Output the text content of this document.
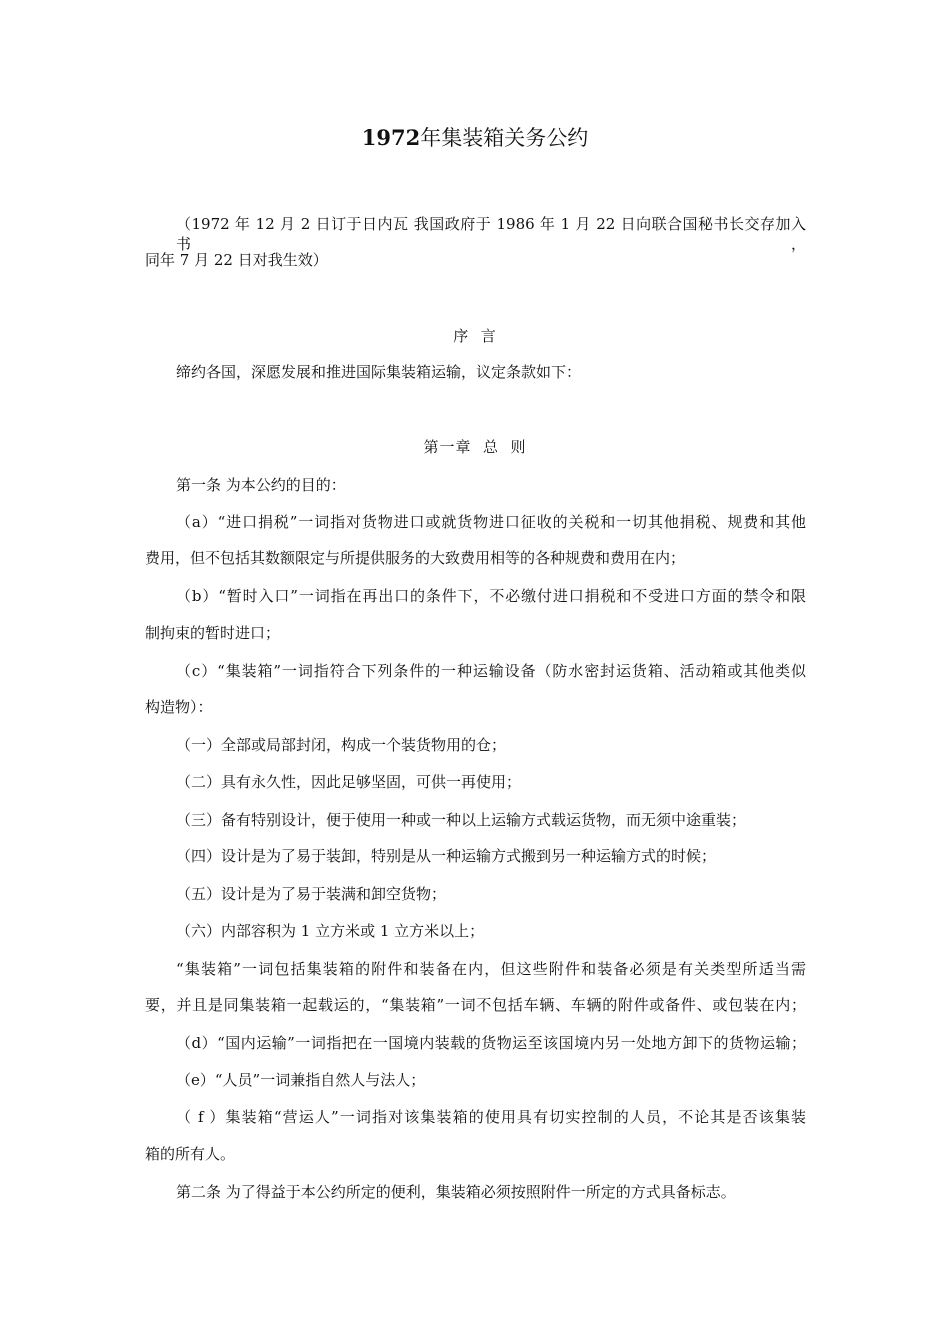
1972年集装箱关务公约
（1972 年 12 月 2 日订于日内瓦 我国政府于 1986 年 1 月 22 日向联合国秘书长交存加入书，
同年 7 月 22 日对我生效）
序  言
缔约各国，深愿发展和推进国际集装箱运输，议定条款如下：
第一章  总  则
第一条 为本公约的目的：
（a）“进口捐税”一词指对货物进口或就货物进口征收的关税和一切其他捐税、规费和其他
费用，但不包括其数额限定与所提供服务的大致费用相等的各种规费和费用在内；
（b）“暂时入口”一词指在再出口的条件下，不必缴付进口捐税和不受进口方面的禁令和限
制拘束的暂时进口；
（c）“集装箱”一词指符合下列条件的一种运输设备（防水密封运货箱、活动箱或其他类似
构造物）：
（一）全部或局部封闭，构成一个装货物用的仓；
（二）具有永久性，因此足够坚固，可供一再使用；
（三）备有特别设计，便于使用一种或一种以上运输方式载运货物，而无须中途重装；
（四）设计是为了易于装卸，特别是从一种运输方式搬到另一种运输方式的时候；
（五）设计是为了易于装满和卸空货物；
（六）内部容积为 1 立方米或 1 立方米以上；
“集装箱”一词包括集装箱的附件和装备在内，但这些附件和装备必须是有关类型所适当需
要，并且是同集装箱一起载运的，“集装箱”一词不包括车辆、车辆的附件或备件、或包装在内；
（d）“国内运输”一词指把在一国境内装载的货物运至该国境内另一处地方卸下的货物运输；
（e）“人员”一词兼指自然人与法人；
（ f ）集装箱“营运人”一词指对该集装箱的使用具有切实控制的人员，不论其是否该集装
箱的所有人。
第二条 为了得益于本公约所定的便利，集装箱必须按照附件一所定的方式具备标志。
